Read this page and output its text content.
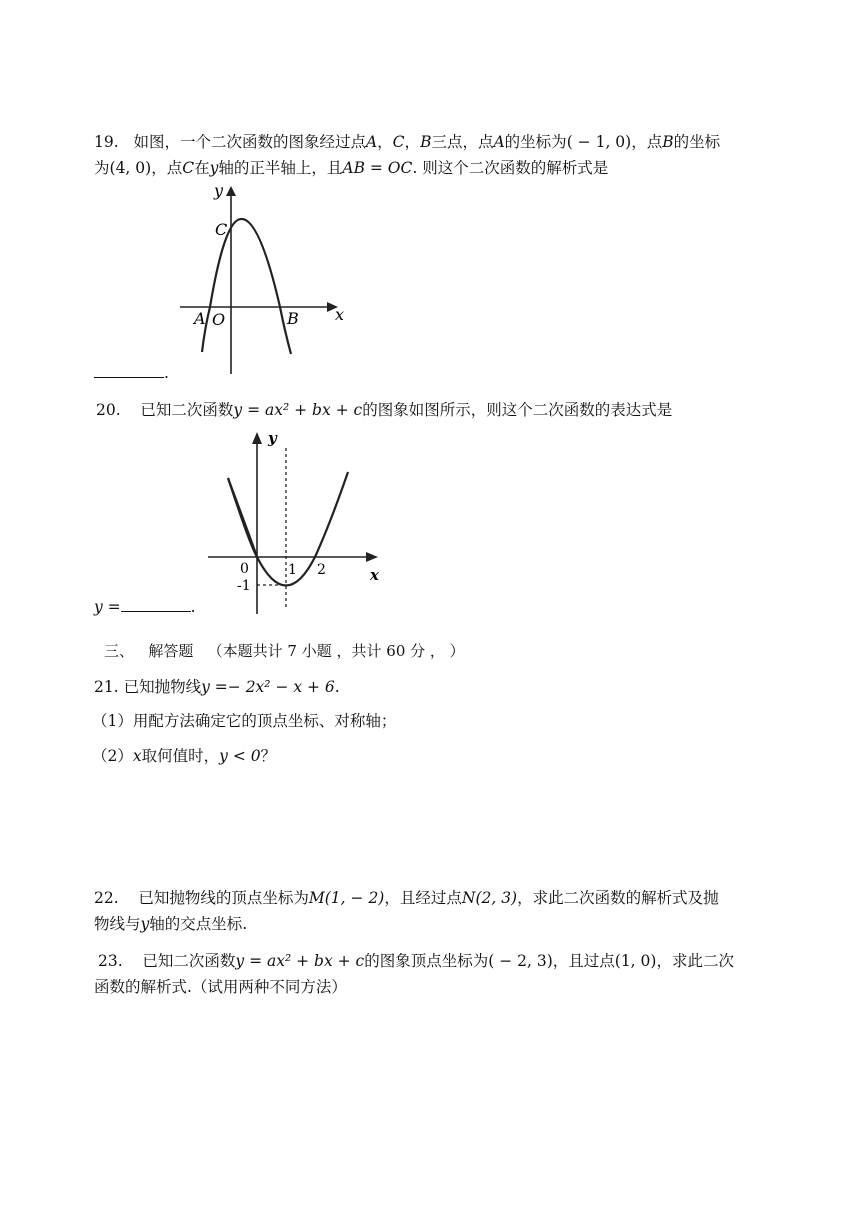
19. 如图，一个二次函数的图象经过点A，C，B三点，点A的坐标为( − 1, 0)，点B的坐标
为(4, 0)，点C在y轴的正半轴上，且AB = OC. 则这个二次函数的解析式是
y
C
A O	B x
.
20. 已知二次函数y = ax² + bx + c的图象如图所示，则这个二次函数的表达式是
y
0	1 2
-1
x
y =	.
三、 解答题 （本题共计 7 小题 ，共计 60 分 ， ）
21. 已知抛物线y =− 2x² − x + 6.
（1）用配方法确定它的顶点坐标、对称轴；
（2）x取何值时，y < 0？
22. 已知抛物线的顶点坐标为M(1, − 2)，且经过点N(2, 3)，求此二次函数的解析式及抛
物线与y轴的交点坐标.
23. 已知二次函数y = ax² + bx + c的图象顶点坐标为( − 2, 3)，且过点(1, 0)，求此二次
函数的解析式.（试用两种不同方法）
